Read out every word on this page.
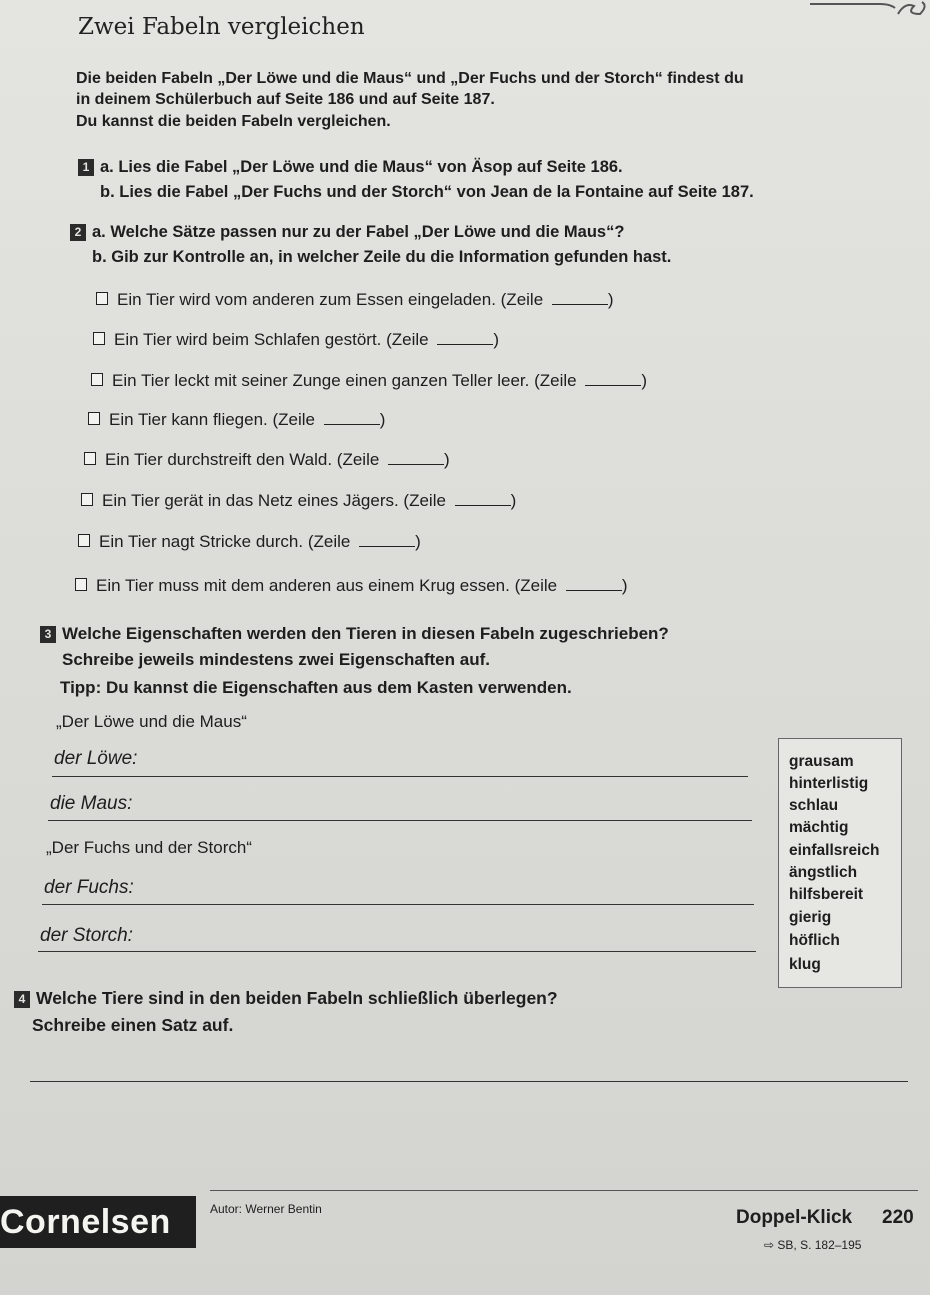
Zwei Fabeln vergleichen
Die beiden Fabeln „Der Löwe und die Maus“ und „Der Fuchs und der Storch“ findest du
in deinem Schülerbuch auf Seite 186 und auf Seite 187.
Du kannst die beiden Fabeln vergleichen.
1 a. Lies die Fabel „Der Löwe und die Maus“ von Äsop auf Seite 186.
b. Lies die Fabel „Der Fuchs und der Storch“ von Jean de la Fontaine auf Seite 187.
2 a. Welche Sätze passen nur zu der Fabel „Der Löwe und die Maus“?
b. Gib zur Kontrolle an, in welcher Zeile du die Information gefunden hast.
Ein Tier wird vom anderen zum Essen eingeladen. (Zeile	)
Ein Tier wird beim Schlafen gestört. (Zeile	)
Ein Tier leckt mit seiner Zunge einen ganzen Teller leer. (Zeile	)
Ein Tier kann fliegen. (Zeile	)
Ein Tier durchstreift den Wald. (Zeile	)
Ein Tier gerät in das Netz eines Jägers. (Zeile	)
Ein Tier nagt Stricke durch. (Zeile	)
Ein Tier muss mit dem anderen aus einem Krug essen. (Zeile	)
3 Welche Eigenschaften werden den Tieren in diesen Fabeln zugeschrieben?
Schreibe jeweils mindestens zwei Eigenschaften auf.
Tipp: Du kannst die Eigenschaften aus dem Kasten verwenden.
„Der Löwe und die Maus“
der Löwe:
die Maus:
„Der Fuchs und der Storch“
der Fuchs:
der Storch:
grausam
hinterlistig
schlau
mächtig
einfallsreich
ängstlich
hilfsbereit
gierig
höflich
klug
4 Welche Tiere sind in den beiden Fabeln schließlich überlegen?
Schreibe einen Satz auf.
Cornelsen	Autor: Werner Bentin	Doppel-Klick 220
⇨ SB, S. 182–195
